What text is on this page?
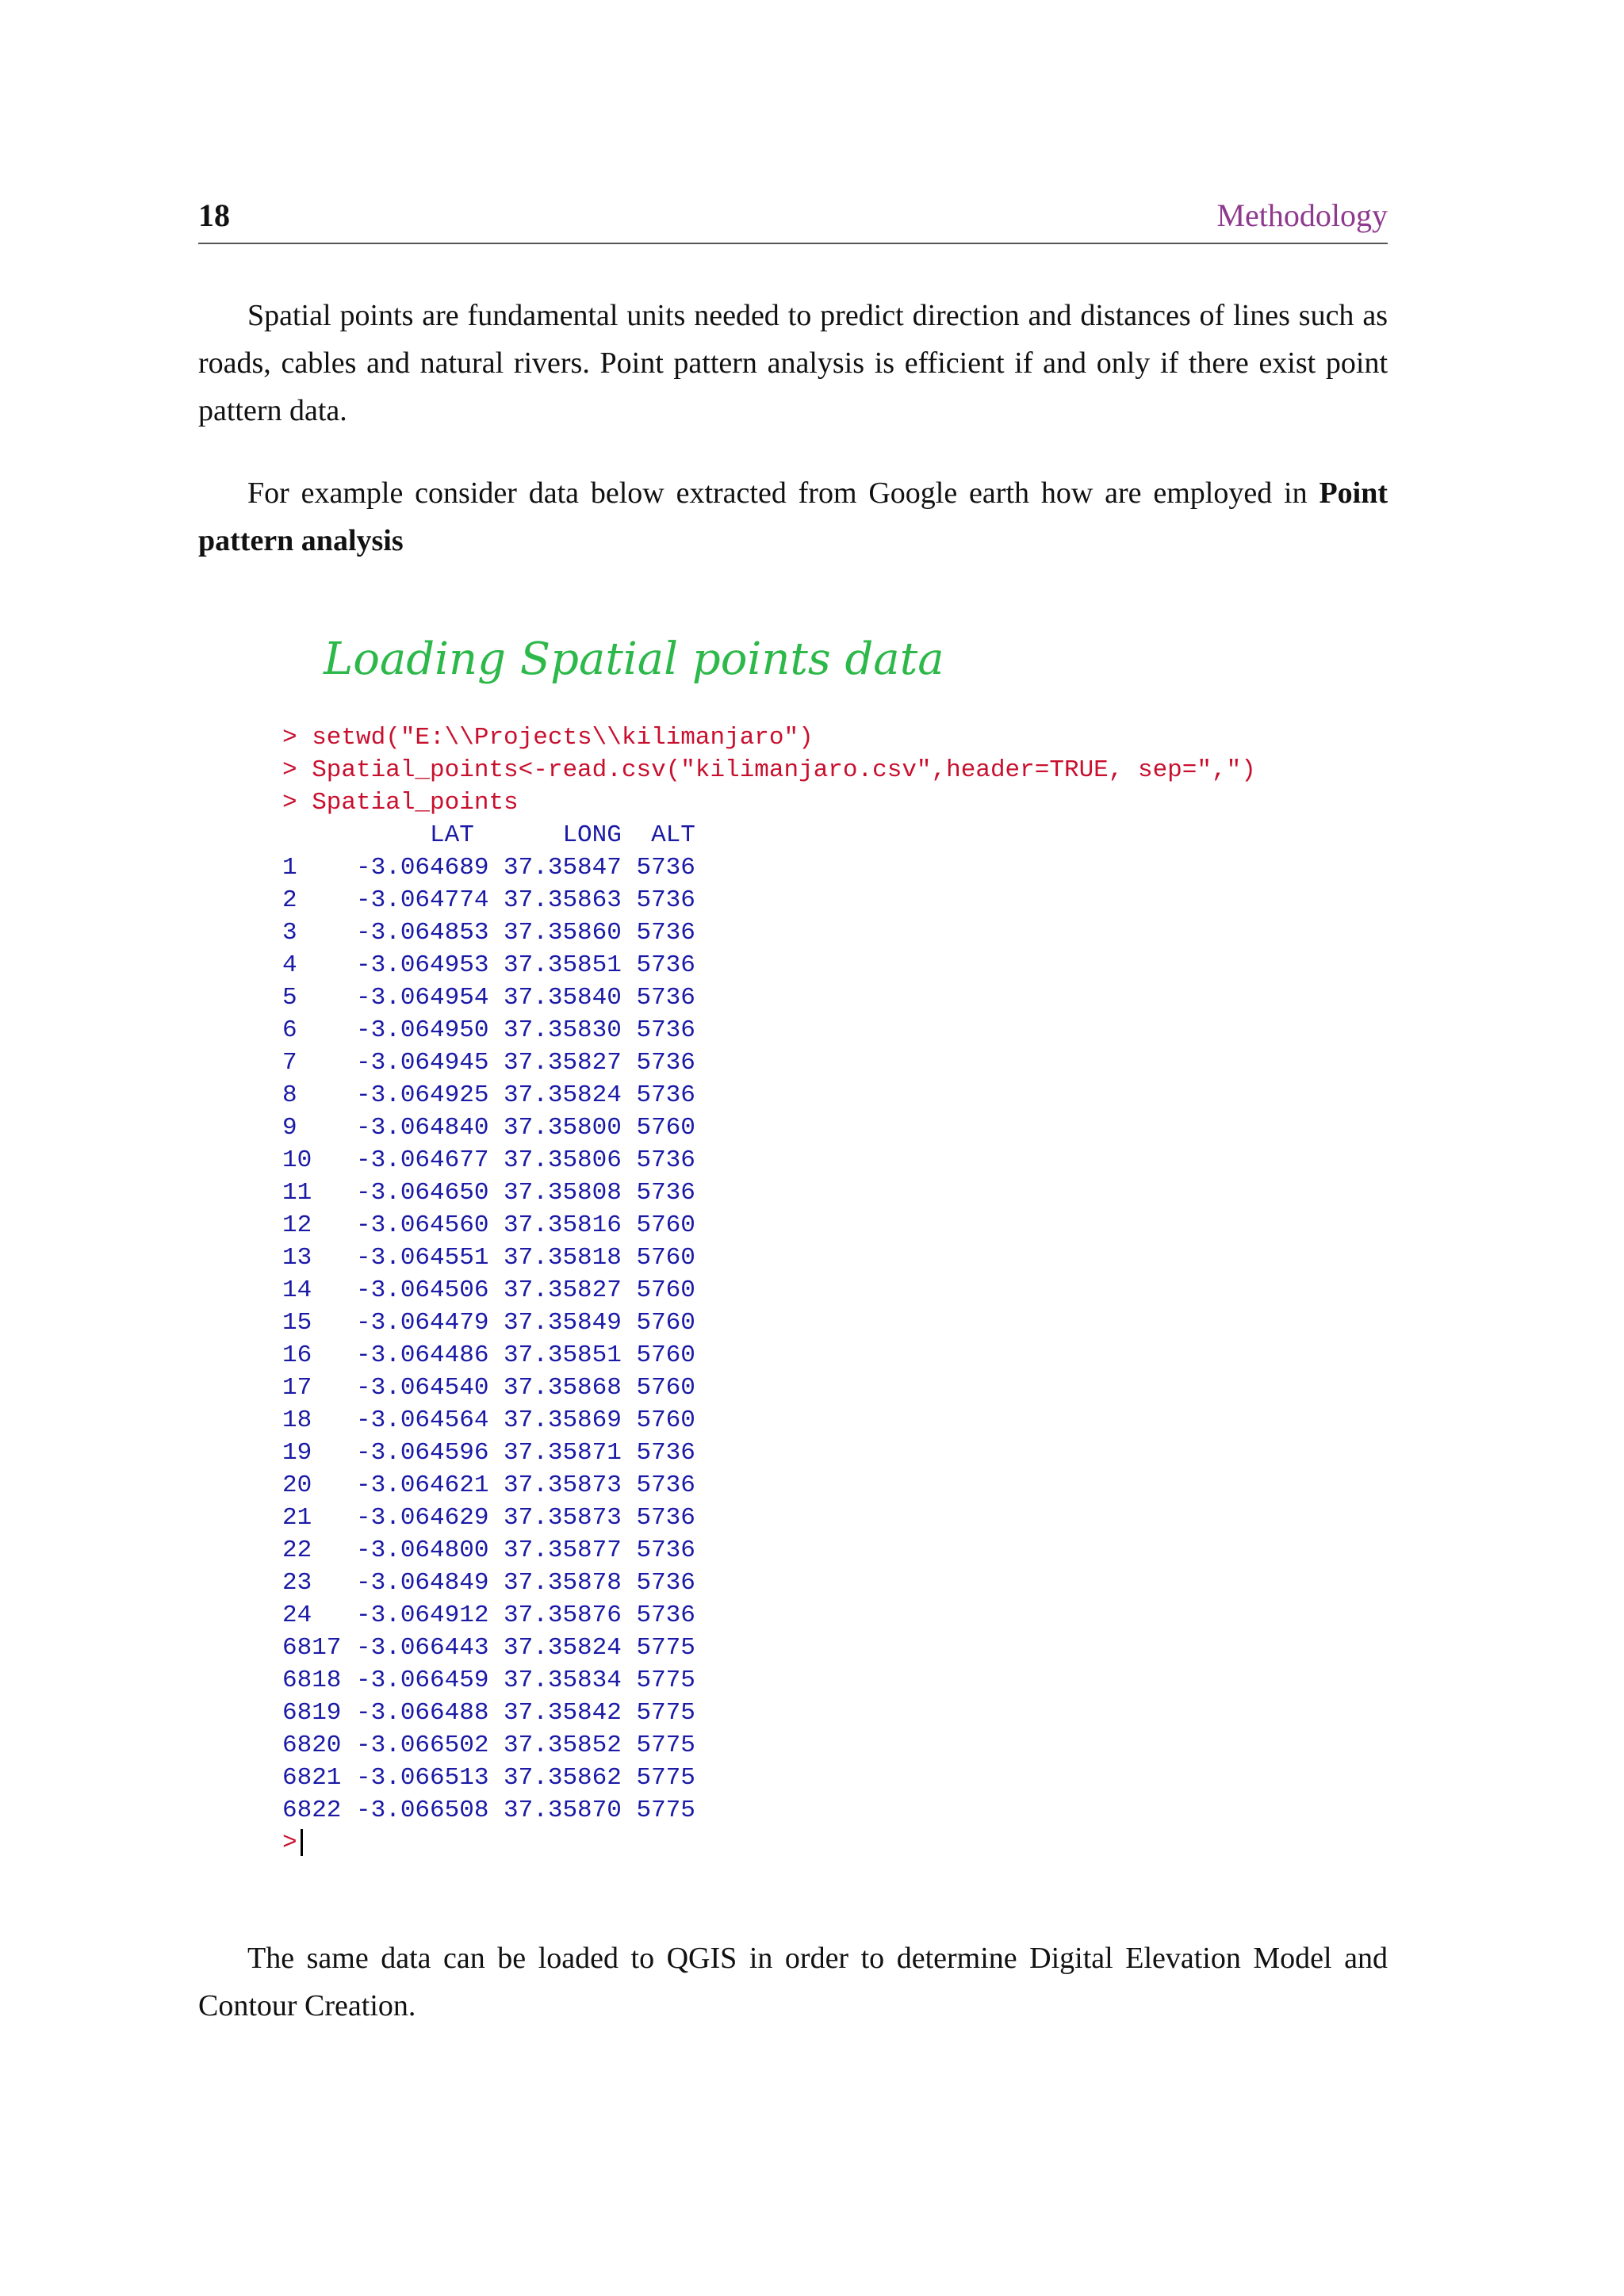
18	Methodology

Spatial points are fundamental units needed to predict direction and distances of lines such as roads, cables and natural rivers. Point pattern analysis is efficient if and only if there exist point pattern data.

For example consider data below extracted from Google earth how are employed in Point pattern analysis

Loading Spatial points data
> setwd("E:\\Projects\\kilimanjaro")
> Spatial_points<-read.csv("kilimanjaro.csv",header=TRUE, sep=",")
> Spatial_points
LAT      LONG  ALT
1    -3.064689 37.35847 5736
2    -3.064774 37.35863 5736
3    -3.064853 37.35860 5736
4    -3.064953 37.35851 5736
5    -3.064954 37.35840 5736
6    -3.064950 37.35830 5736
7    -3.064945 37.35827 5736
8    -3.064925 37.35824 5736
9    -3.064840 37.35800 5760
10   -3.064677 37.35806 5736
11   -3.064650 37.35808 5736
12   -3.064560 37.35816 5760
13   -3.064551 37.35818 5760
14   -3.064506 37.35827 5760
15   -3.064479 37.35849 5760
16   -3.064486 37.35851 5760
17   -3.064540 37.35868 5760
18   -3.064564 37.35869 5760
19   -3.064596 37.35871 5736
20   -3.064621 37.35873 5736
21   -3.064629 37.35873 5736
22   -3.064800 37.35877 5736
23   -3.064849 37.35878 5736
24   -3.064912 37.35876 5736
6817 -3.066443 37.35824 5775
6818 -3.066459 37.35834 5775
6819 -3.066488 37.35842 5775
6820 -3.066502 37.35852 5775
6821 -3.066513 37.35862 5775
6822 -3.066508 37.35870 5775
>

The same data can be loaded to QGIS in order to determine Digital Elevation Model and Contour Creation.
